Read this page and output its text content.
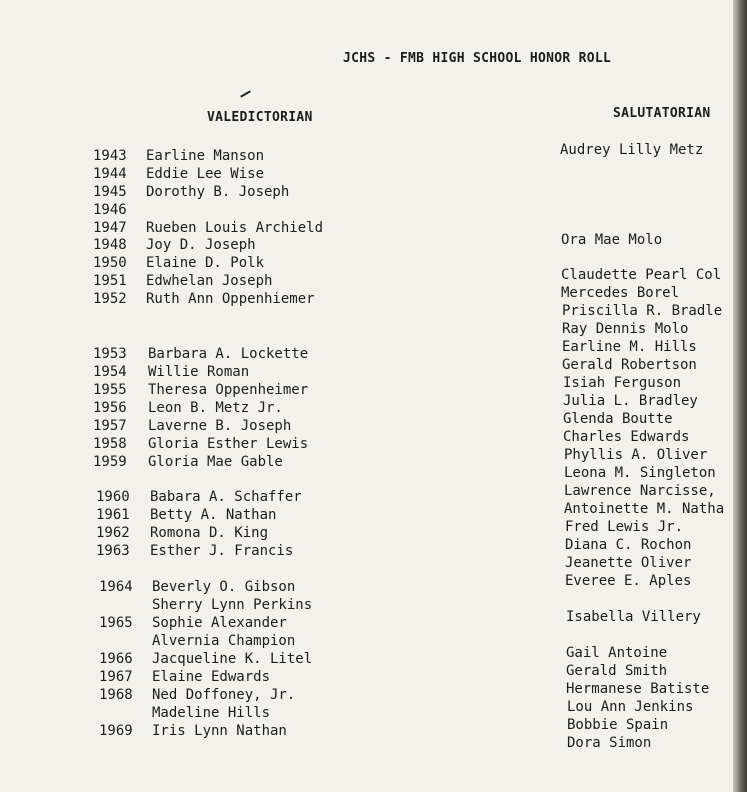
JCHS - FMB HIGH SCHOOL HONOR ROLL
VALEDICTORIAN	SALUTATORIAN
1943 Earline Manson
1944 Eddie Lee Wise
1945 Dorothy B. Joseph
1946
1947 Rueben Louis Archield
1948 Joy D. Joseph
1950 Elaine D. Polk
1951 Edwhelan Joseph
1952 Ruth Ann Oppenhiemer
1953 Barbara A. Lockette
1954 Willie Roman
1955 Theresa Oppenheimer
1956 Leon B. Metz Jr.
1957 Laverne B. Joseph
1958 Gloria Esther Lewis
1959 Gloria Mae Gable
1960 Babara A. Schaffer
1961 Betty A. Nathan
1962 Romona D. King
1963 Esther J. Francis
1964 Beverly O. Gibson
Sherry Lynn Perkins
1965 Sophie Alexander
Alvernia Champion
1966 Jacqueline K. Litel
1967 Elaine Edwards
1968 Ned Doffoney, Jr.
Madeline Hills
1969 Iris Lynn Nathan
Audrey Lilly Metz
Ora Mae Molo
Claudette Pearl Col
Mercedes Borel
Priscilla R. Bradle
Ray Dennis Molo
Earline M. Hills
Gerald Robertson
Isiah Ferguson
Julia L. Bradley
Glenda Boutte
Charles Edwards
Phyllis A. Oliver
Leona M. Singleton
Lawrence Narcisse,
Antoinette M. Natha
Fred Lewis Jr.
Diana C. Rochon
Jeanette Oliver
Everee E. Aples
Isabella Villery
Gail Antoine
Gerald Smith
Hermanese Batiste
Lou Ann Jenkins
Bobbie Spain
Dora Simon
